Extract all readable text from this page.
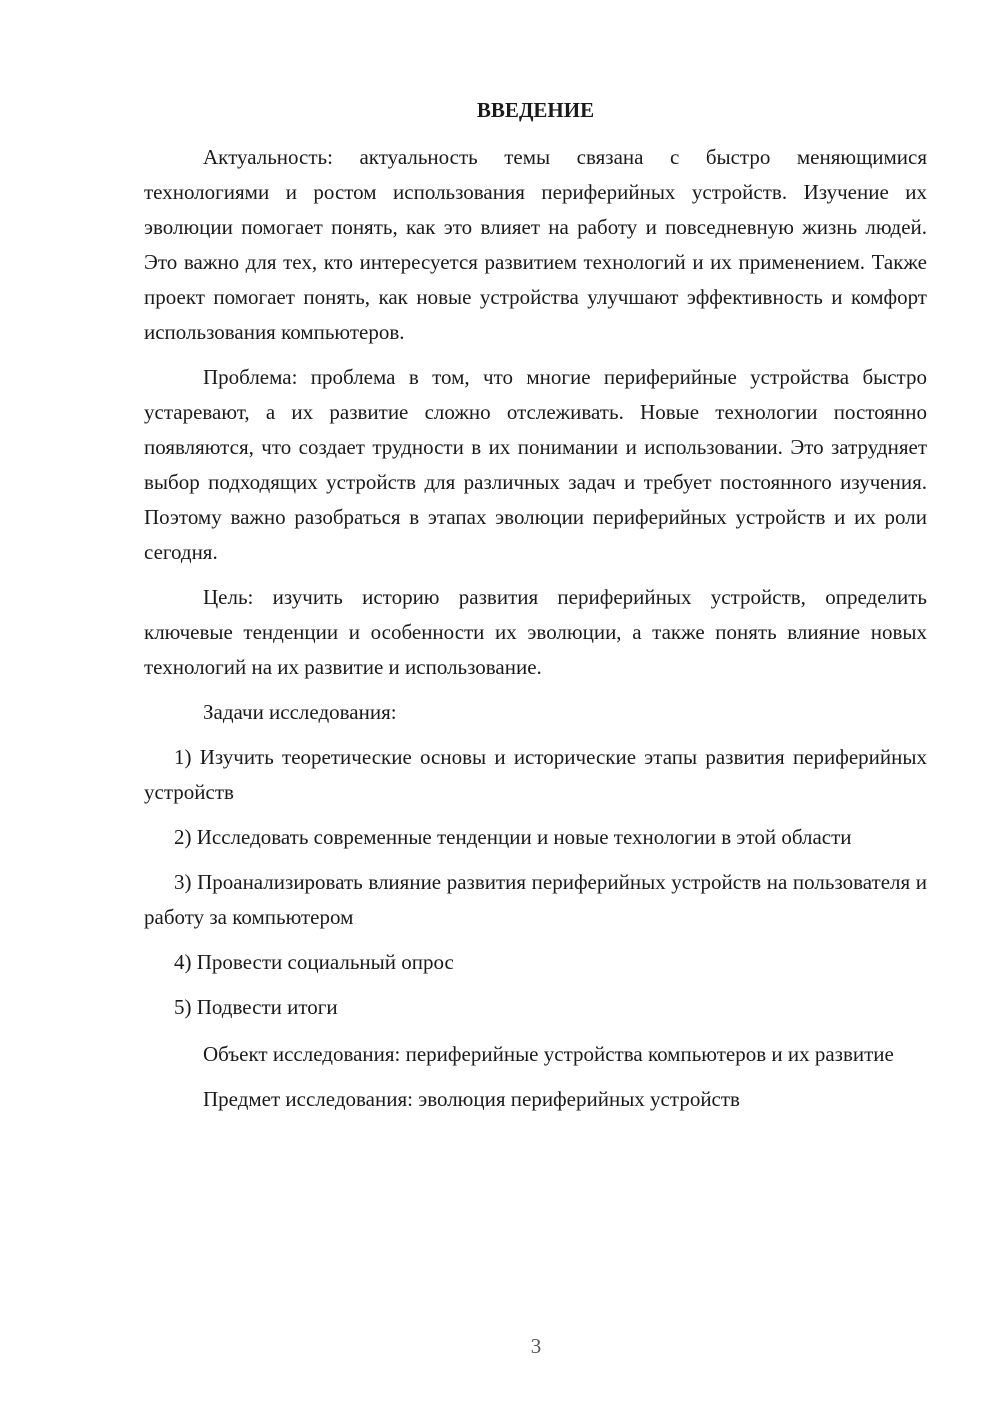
ВВЕДЕНИЕ

Актуальность: актуальность темы связана с быстро меняющимися технологиями и ростом использования периферийных устройств. Изучение их эволюции помогает понять, как это влияет на работу и повседневную жизнь людей. Это важно для тех, кто интересуется развитием технологий и их применением. Также проект помогает понять, как новые устройства улучшают эффективность и комфорт использования компьютеров.

Проблема: проблема в том, что многие периферийные устройства быстро устаревают, а их развитие сложно отслеживать. Новые технологии постоянно появляются, что создает трудности в их понимании и использовании. Это затрудняет выбор подходящих устройств для различных задач и требует постоянного изучения. Поэтому важно разобраться в этапах эволюции периферийных устройств и их роли сегодня.

Цель: изучить историю развития периферийных устройств, определить ключевые тенденции и особенности их эволюции, а также понять влияние новых технологий на их развитие и использование.

Задачи исследования:

1) Изучить теоретические основы и исторические этапы развития периферийных устройств

2) Исследовать современные тенденции и новые технологии в этой области

3) Проанализировать влияние развития периферийных устройств на пользователя и работу за компьютером

4) Провести социальный опрос

5) Подвести итоги

Объект исследования: периферийные устройства компьютеров и их развитие

Предмет исследования: эволюция периферийных устройств

3
